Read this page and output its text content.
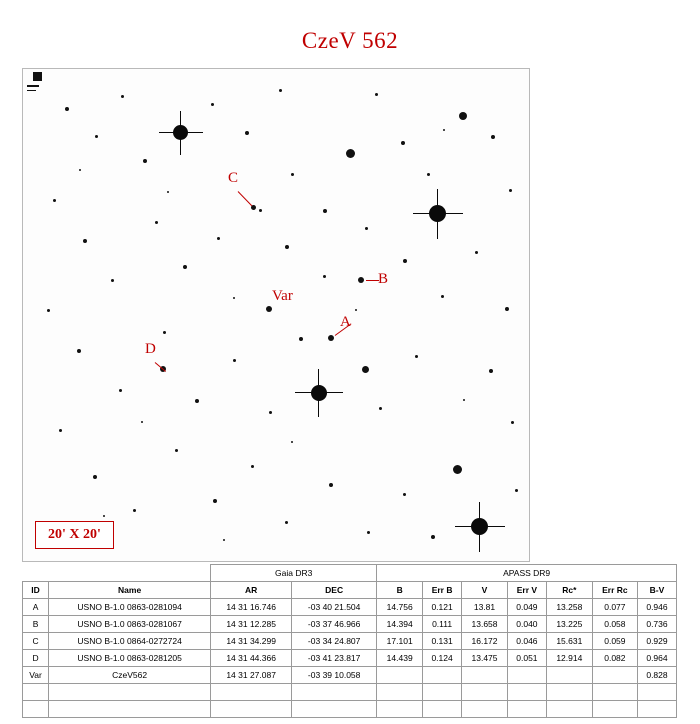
CzeV 562
C
B
Var
A
D
20' X 20'
		Gaia DR3		APASS DR9						
ID	Name	AR	DEC	B	Err B	V	Err V	Rc*	Err Rc	B-V
A	USNO B-1.0 0863-0281094	14 31 16.746	-03 40 21.504	14.756	0.121	13.81	0.049	13.258	0.077	0.946
B	USNO B-1.0 0863-0281067	14 31 12.285	-03 37 46.966	14.394	0.111	13.658	0.040	13.225	0.058	0.736
C	USNO B-1.0 0864-0272724	14 31 34.299	-03 34 24.807	17.101	0.131	16.172	0.046	15.631	0.059	0.929
D	USNO B-1.0 0863-0281205	14 31 44.366	-03 41 23.817	14.439	0.124	13.475	0.051	12.914	0.082	0.964
Var	CzeV562	14 31 27.087	-03 39 10.058							0.828
